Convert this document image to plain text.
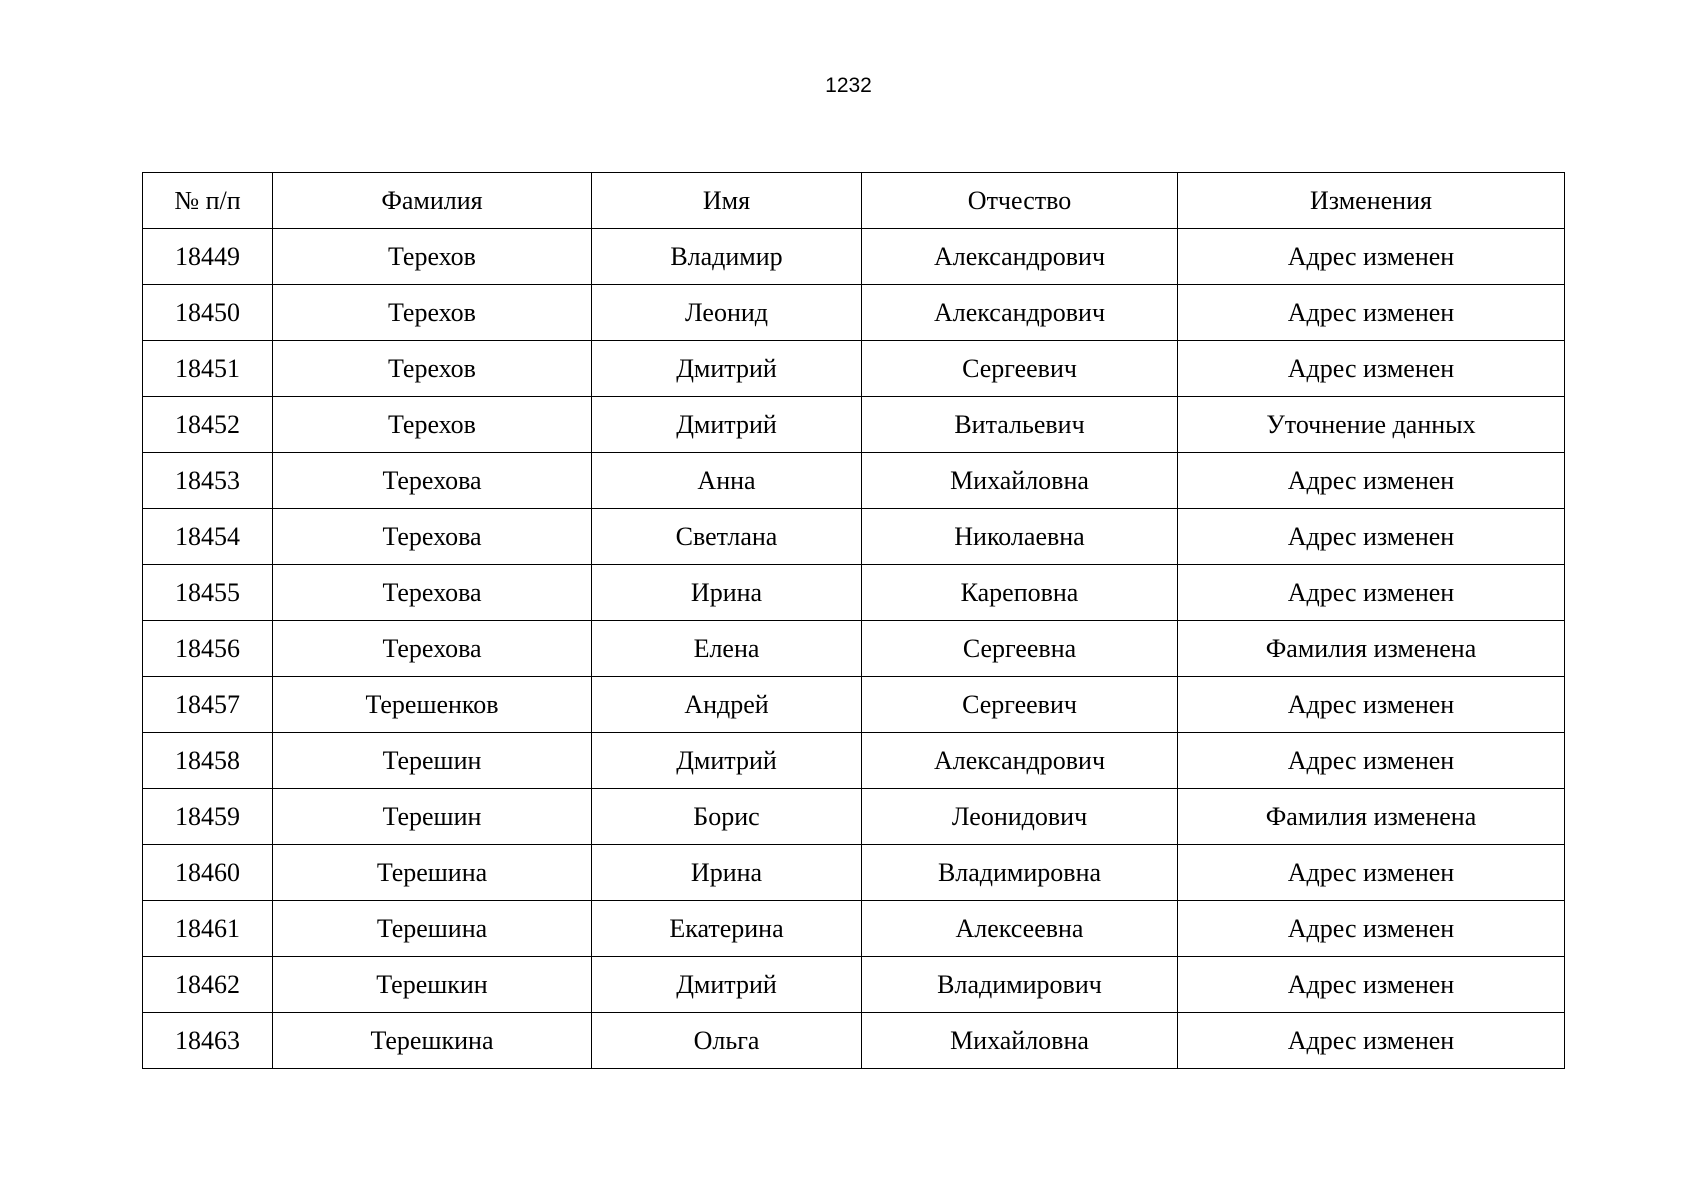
1232
№ п/п	Фамилия	Имя	Отчество	Изменения
18449	Терехов	Владимир	Александрович	Адрес изменен
18450	Терехов	Леонид	Александрович	Адрес изменен
18451	Терехов	Дмитрий	Сергеевич	Адрес изменен
18452	Терехов	Дмитрий	Витальевич	Уточнение данных
18453	Терехова	Анна	Михайловна	Адрес изменен
18454	Терехова	Светлана	Николаевна	Адрес изменен
18455	Терехова	Ирина	Кареповна	Адрес изменен
18456	Терехова	Елена	Сергеевна	Фамилия изменена
18457	Терешенков	Андрей	Сергеевич	Адрес изменен
18458	Терешин	Дмитрий	Александрович	Адрес изменен
18459	Терешин	Борис	Леонидович	Фамилия изменена
18460	Терешина	Ирина	Владимировна	Адрес изменен
18461	Терешина	Екатерина	Алексеевна	Адрес изменен
18462	Терешкин	Дмитрий	Владимирович	Адрес изменен
18463	Терешкина	Ольга	Михайловна	Адрес изменен
